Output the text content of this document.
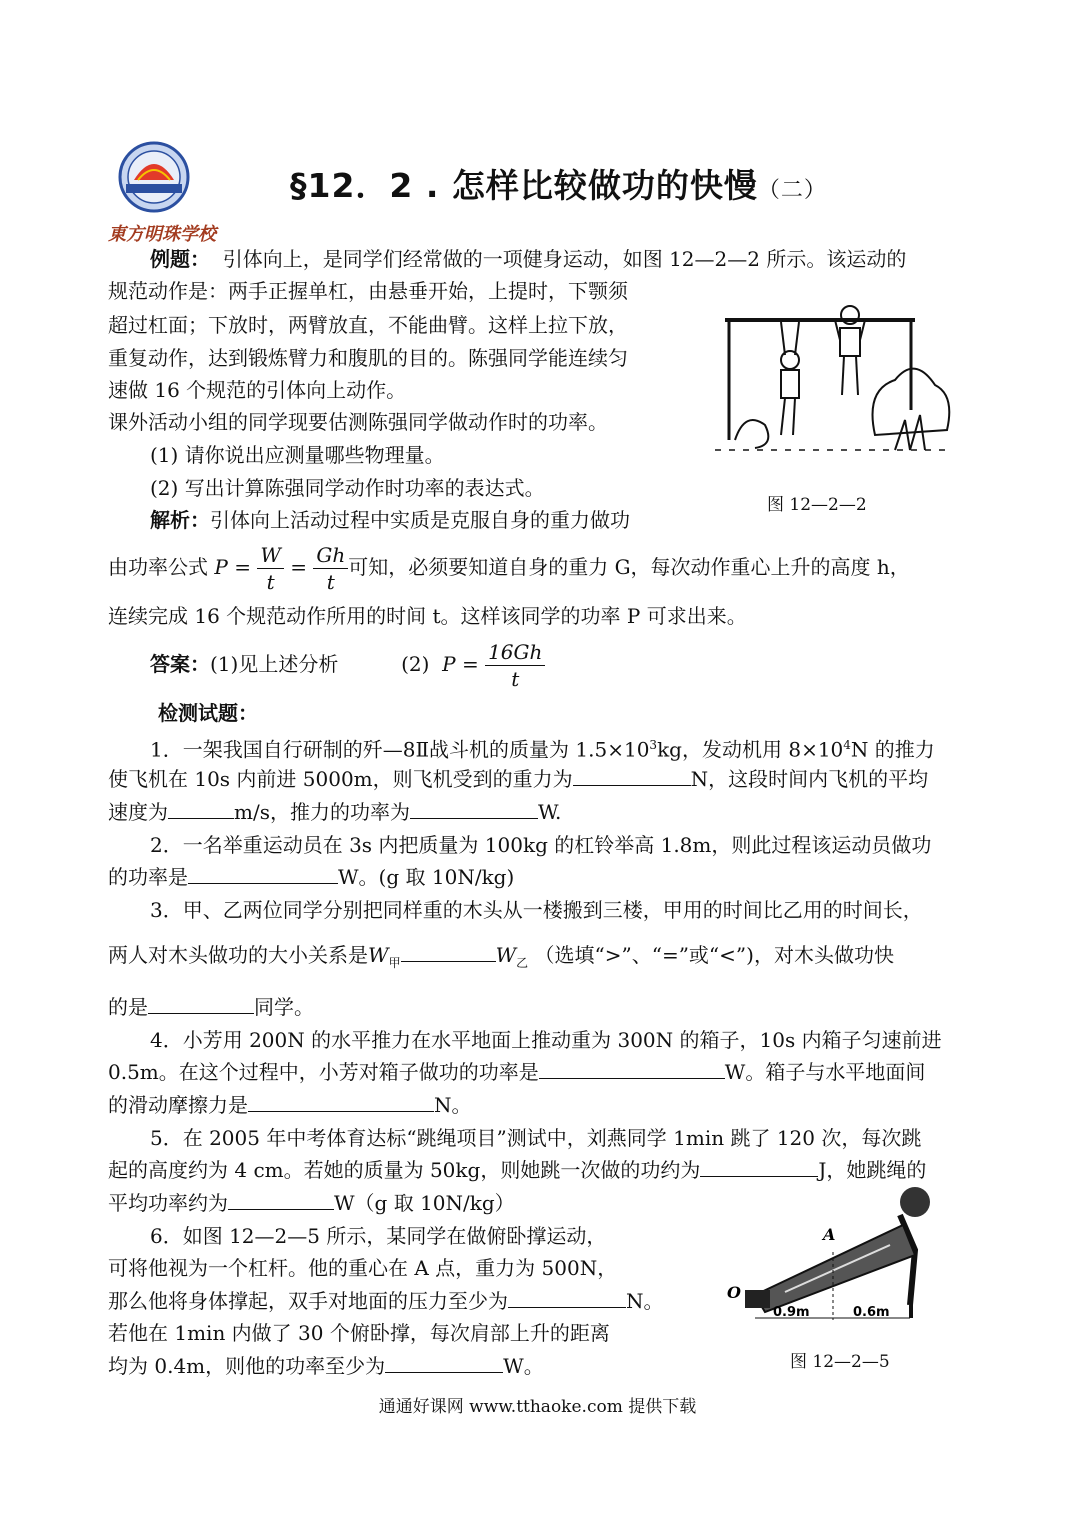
東方明珠学校
§12．2 . 怎样比较做功的快慢（二）
例题： 引体向上，是同学们经常做的一项健身运动，如图 12—2—2 所示。该运动的
规范动作是：两手正握单杠，由悬垂开始，上提时，下颚须
超过杠面；下放时，两臂放直，不能曲臂。这样上拉下放，
重复动作，达到锻炼臂力和腹肌的目的。陈强同学能连续匀
速做 16 个规范的引体向上动作。
课外活动小组的同学现要估测陈强同学做动作时的功率。
(1) 请你说出应测量哪些物理量。
(2) 写出计算陈强同学动作时功率的表达式。
图 12—2—2
解析：引体向上活动过程中实质是克服自身的重力做功
由功率公式 $P = \frac{W}{t} = \frac{Gh}{t}$ 可知，必须要知道自身的重力 G，每次动作重心上升的高度 h，
连续完成 16 个规范动作所用的时间 t。这样该同学的功率 P 可求出来。
答案：(1)见上述分析	(2) $P = \frac{16Gh}{t}$
检测试题：
1．一架我国自行研制的歼—8Ⅱ战斗机的质量为 $1.5\times 10^3kg$，发动机用 $8\times 10^4N$ 的推力
使飞机在 10s 内前进 5000m，则飞机受到的重力为	N，这段时间内飞机的平均
速度为	m/s，推力的功率为	W.
2．一名举重运动员在 3s 内把质量为 100kg 的杠铃举高 1.8m，则此过程该运动员做功
的功率是	W。(g 取 10N/kg)
3．甲、乙两位同学分别把同样重的木头从一楼搬到三楼，甲用的时间比乙用的时间长，
两人对木头做功的大小关系是$W_甲$	$W_乙$ （选填“>”、“=”或“<”)，对木头做功快
的是	同学。
4．小芳用 200N 的水平推力在水平地面上推动重为 300N 的箱子，10s 内箱子匀速前进
0.5m。在这个过程中，小芳对箱子做功的功率是	W。箱子与水平地面间
的滑动摩擦力是	N。
5．在 2005 年中考体育达标“跳绳项目”测试中，刘燕同学 1min 跳了 120 次，每次跳
起的高度约为 4 cm。若她的质量为 50kg，则她跳一次做的功约为	J，她跳绳的
平均功率约为	W（g 取 10N/kg）
6．如图 12—2—5 所示，某同学在做俯卧撑运动，
可将他视为一个杠杆。他的重心在 A 点，重力为 500N，
那么他将身体撑起，双手对地面的压力至少为	N。
若他在 1min 内做了 30 个俯卧撑，每次肩部上升的距离
均为 0.4m，则他的功率至少为	W。
A
O
0.9m	0.6m
图 12—2—5
通通好课网 www.tthaoke.com 提供下载
